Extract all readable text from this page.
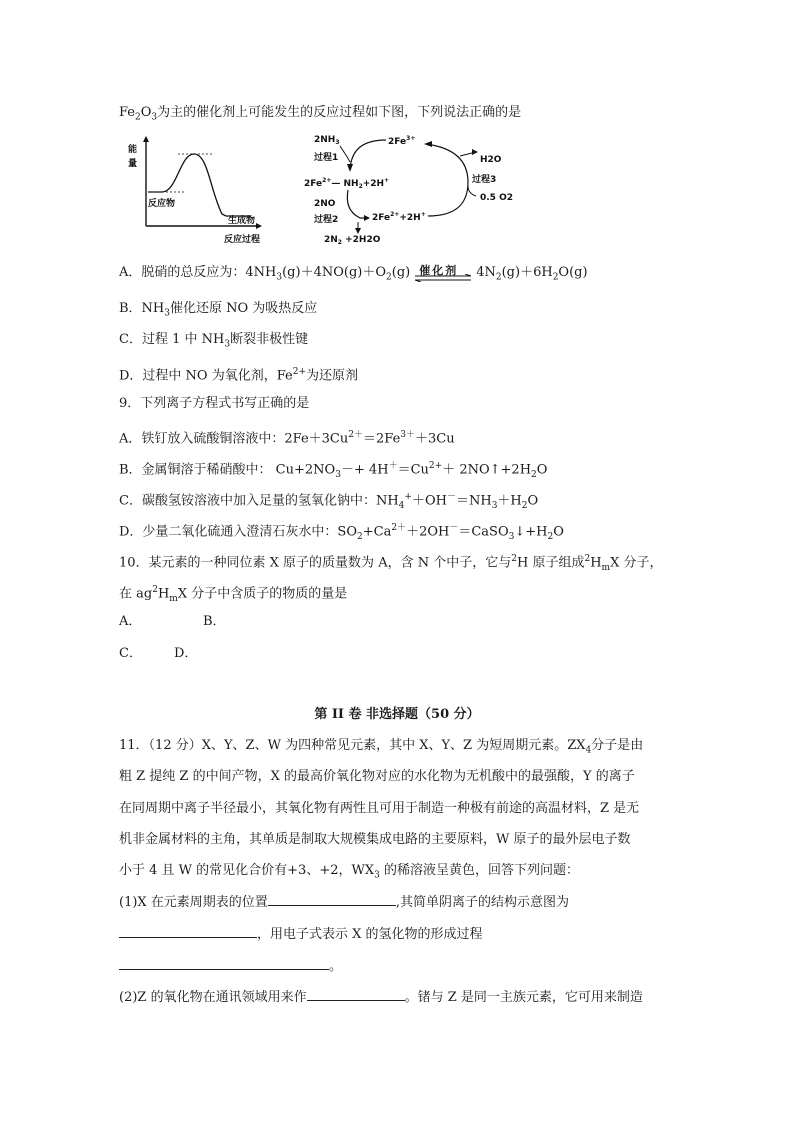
$Fe_2O_3$为主的催化剂上可能发生的反应过程如下图，下列说法正确的是
能
量
反应物
生成物
反应过程
$2NH_3$	$2Fe^{3+}$
过程1
$2Fe^{2+}—$ $NH_2+2H^+$
2NO
过程2	$2Fe^{2+}+2H^+$
$2N_2 +2H2O$
H2O
过程3
0.5 O2
A．脱硝的总反应为：$4NH_3(g)+4NO(g)+O_2(g)$ 催化剂 $4N_2(g)+6H_2O(g)$
B．$NH_3$催化还原 NO 为吸热反应
C．过程 1 中 $NH_3$断裂非极性键
D．过程中 NO 为氧化剂，$Fe^{2+}$为还原剂
9．下列离子方程式书写正确的是
A．铁钉放入硫酸铜溶液中：$2Fe+3Cu^{2+}=2Fe^{3+}+3Cu$
B．金属铜溶于稀硝酸中： $Cu+2NO_3-+ 4H^+=Cu^{2+}+$ $2NO↑+2H_2O$
C．碳酸氢铵溶液中加入足量的氢氧化钠中：$NH_4^++OH^-=NH_3+H_2O$
D．少量二氧化硫通入澄清石灰水中：$SO_2+Ca^{2+}+2OH^-=CaSO_3↓+H_2O$
10．某元素的一种同位素 X 原子的质量数为 A，含 N 个中子，它与$^2$H 原子组成$^2H_mX$ 分子，
在 $ag^2H_mX$ 分子中含质子的物质的量是
A．	B．
C． D．
第 II 卷 非选择题（50 分）
11．（12 分）X、Y、Z、W 为四种常见元素，其中 X、Y、Z 为短周期元素。$ZX_4$分子是由
粗 Z 提纯 Z 的中间产物，X 的最高价氧化物对应的水化物为无机酸中的最强酸，Y 的离子
在同周期中离子半径最小，其氧化物有两性且可用于制造一种极有前途的高温材料，Z 是无
机非金属材料的主角，其单质是制取大规模集成电路的主要原料，W 原子的最外层电子数
小于 4 且 W 的常见化合价有+3、+2，$WX_3$ 的稀溶液呈黄色，回答下列问题：
(1)X 在元素周期表的位置	,其简单阴离子的结构示意图为
，用电子式表示 X 的氢化物的形成过程
。
(2)Z 的氧化物在通讯领域用来作	。锗与 Z 是同一主族元素，它可用来制造
